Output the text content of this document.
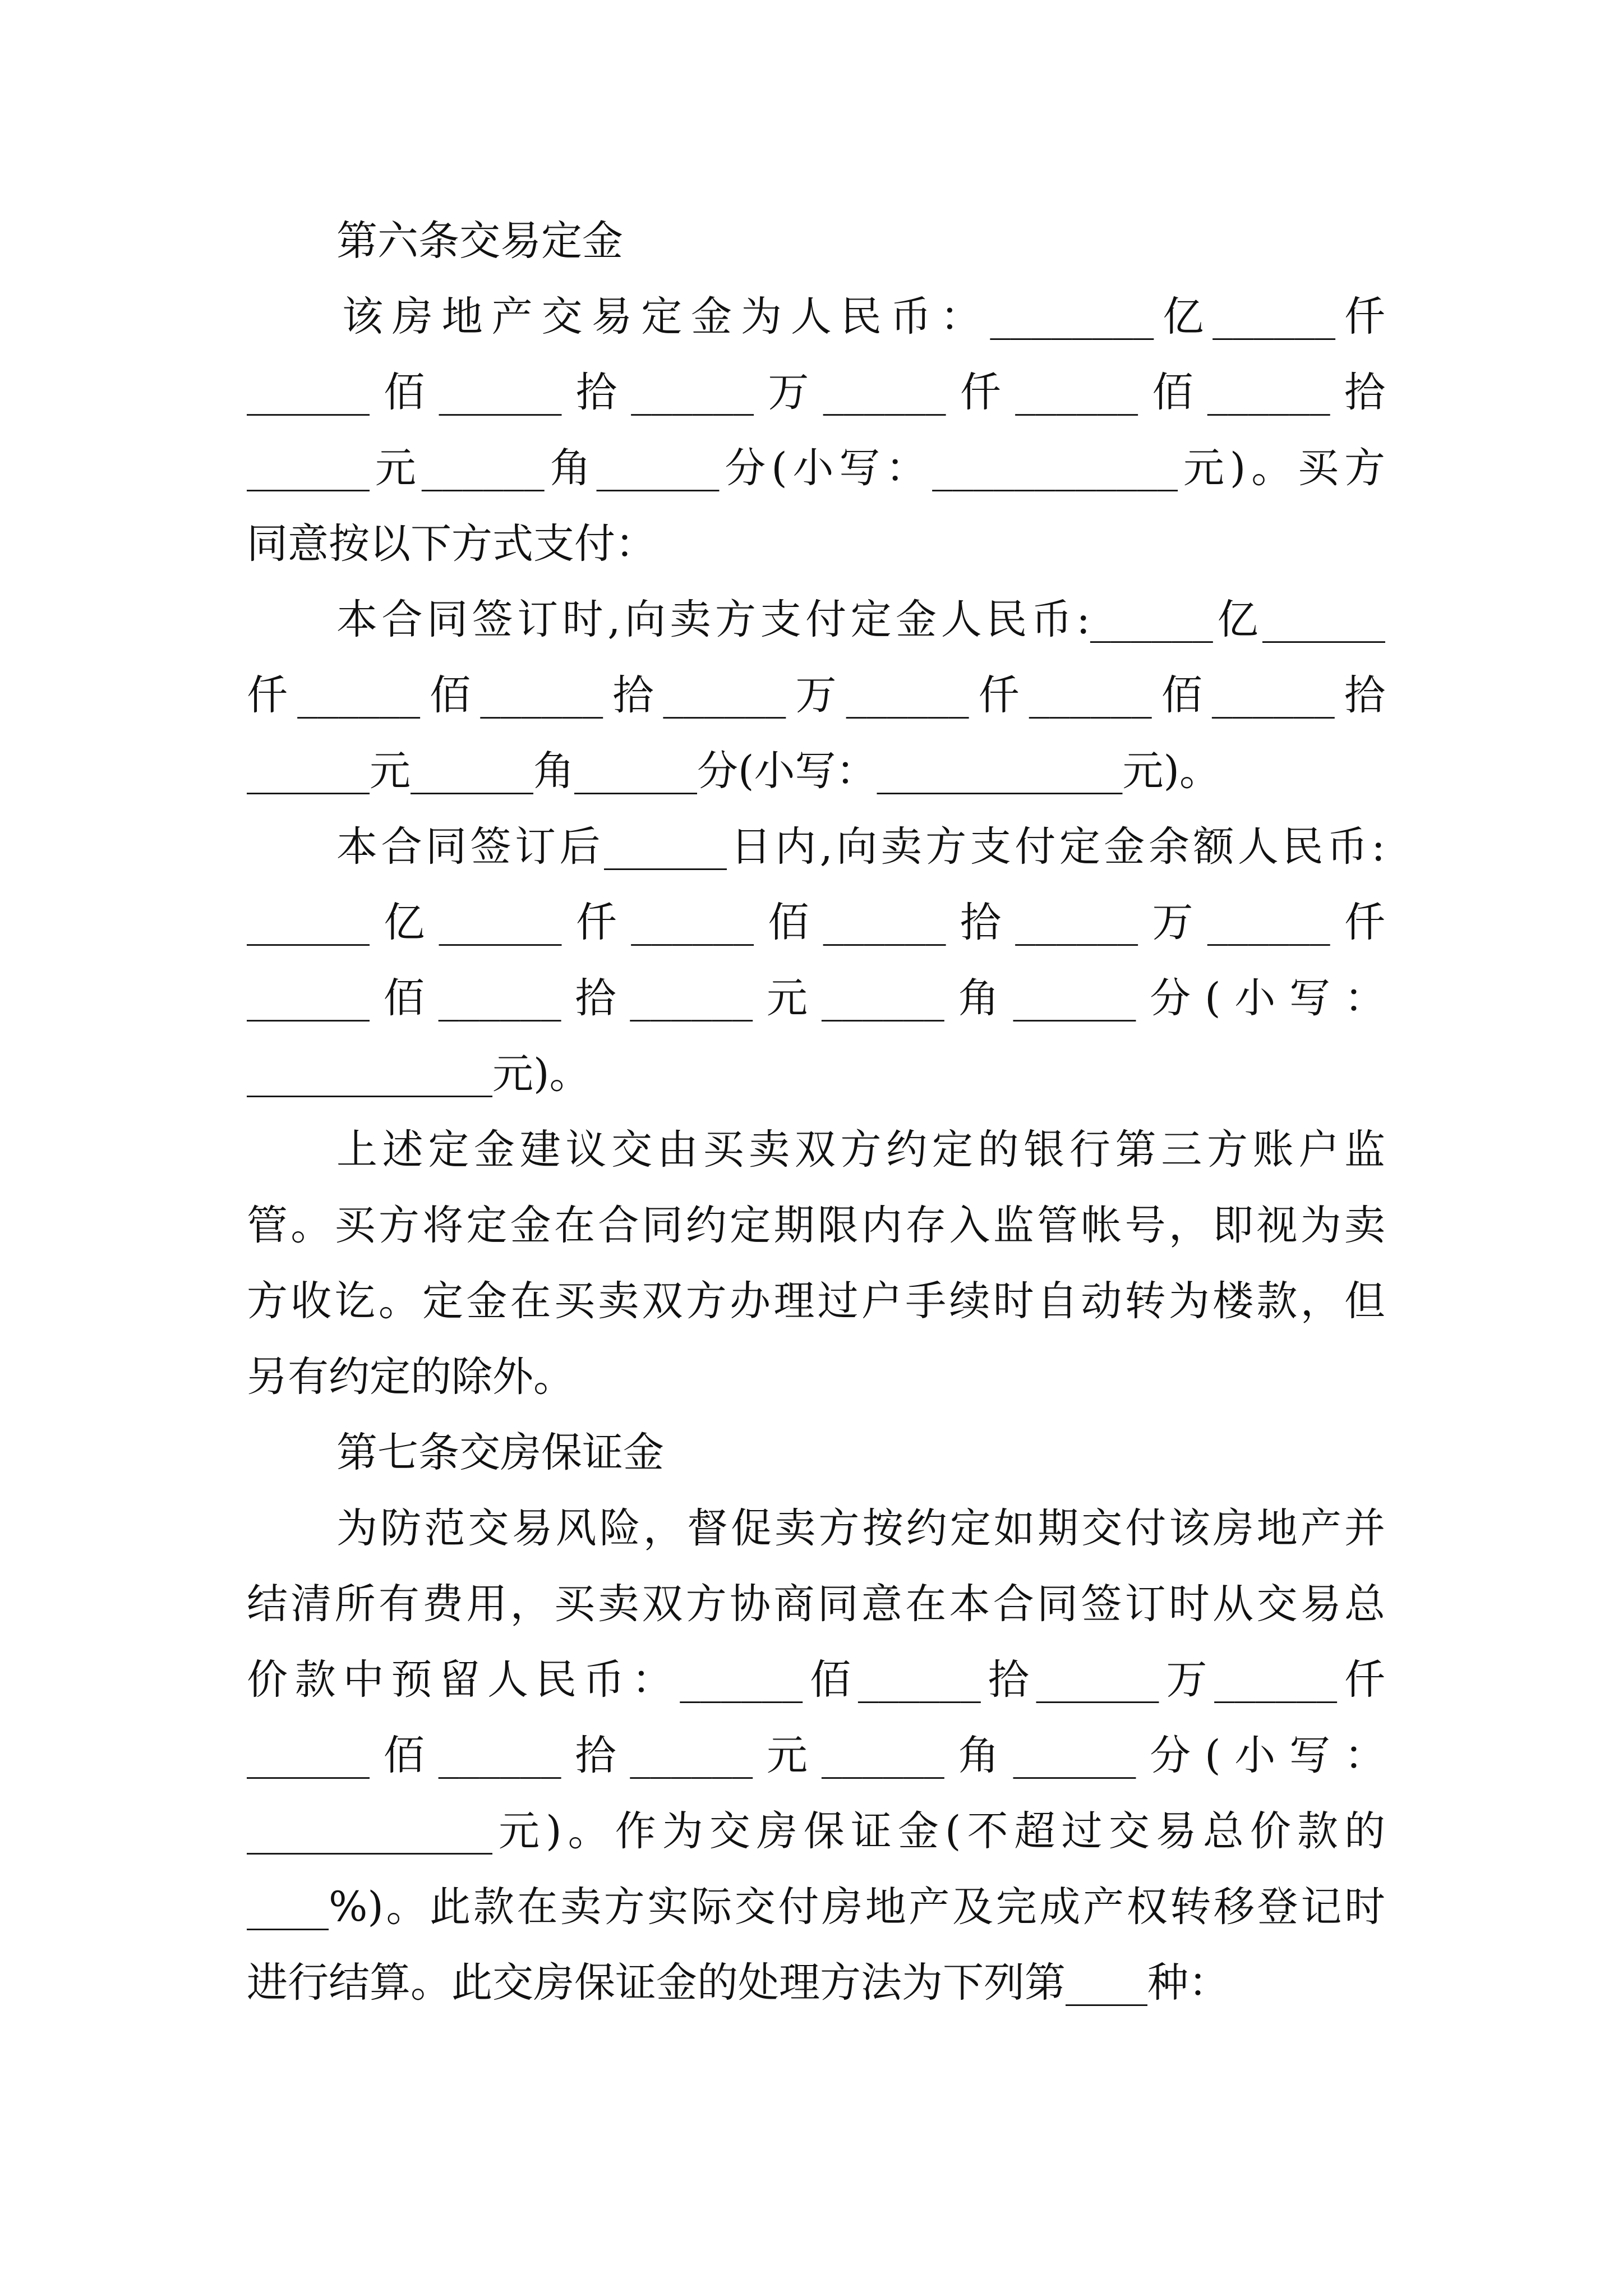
第六条交易定金
该房地产交易定金为人民币：________亿______仟
______佰______拾______万______仟______佰______拾
______元______角______分(小写：____________元)。买方
同意按以下方式支付：
本合同签订时,向卖方支付定金人民币:______亿______
仟______佰______拾______万______仟______佰______拾
______元______角______分(小写：____________元)。
本合同签订后______日内,向卖方支付定金余额人民币:
______亿______仟______佰______拾______万______仟
______佰______拾______元______角______分(小写：
____________元)。
上述定金建议交由买卖双方约定的银行第三方账户监
管。买方将定金在合同约定期限内存入监管帐号，即视为卖
方收讫。定金在买卖双方办理过户手续时自动转为楼款，但
另有约定的除外。
第七条交房保证金
为防范交易风险，督促卖方按约定如期交付该房地产并
结清所有费用，买卖双方协商同意在本合同签订时从交易总
价款中预留人民币：______佰______拾______万______仟
______佰______拾______元______角______分(小写：
____________元)。作为交房保证金(不超过交易总价款的
____%)。此款在卖方实际交付房地产及完成产权转移登记时
进行结算。此交房保证金的处理方法为下列第____种：
